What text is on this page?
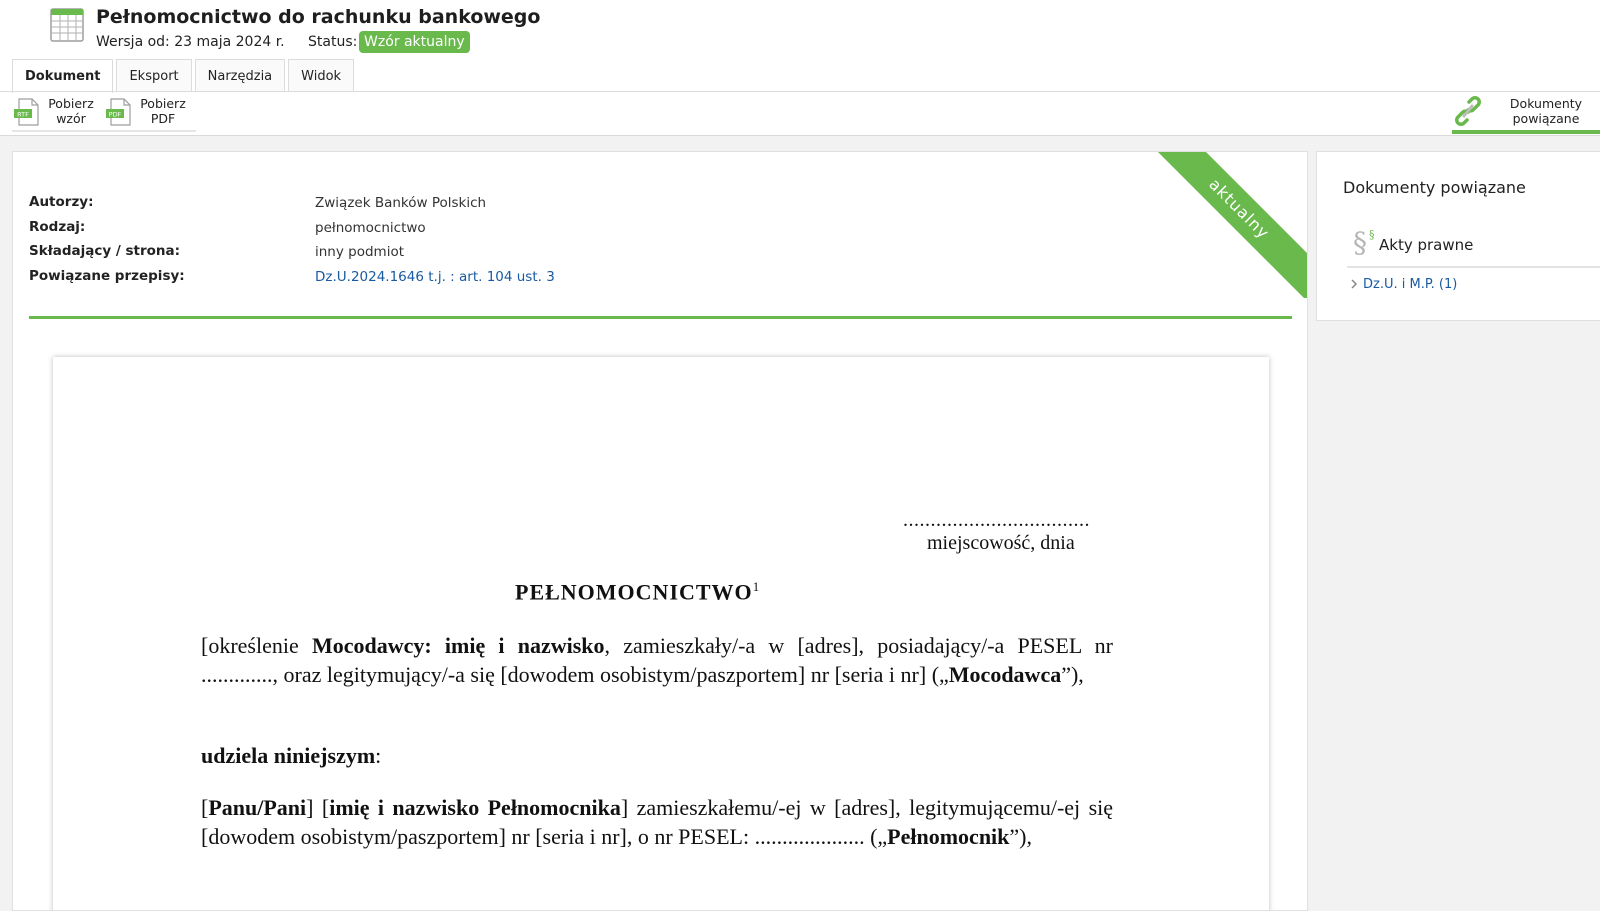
Pełnomocnictwo do rachunku bankowego
Wersja od: 23 maja 2024 r. Status: Wzór aktualny
Dokument	Eksport	Narzędzia	Widok
RTF
Pobierz
wzór	PDF
Pobierz
PDF
Dokumenty
powiązane
Autorzy:	Związek Banków Polskich
Rodzaj:	pełnomocnictwo
Składający / strona:	inny podmiot
Powiązane przepisy:	Dz.U.2024.1646 t.j. : art. 104 ust. 3
aktualny
..................................
miejscowość, dnia
PEŁNOMOCNICTWO$^1$
[określenie Mocodawcy: imię i nazwisko, zamieszkały/-a w [adres], posiadający/-a PESEL nr ............., oraz legitymujący/-a się [dowodem osobistym/paszportem] nr [seria i nr] („Mocodawca”),
udziela niniejszym:
[Panu/Pani] [imię i nazwisko Pełnomocnika] zamieszkałemu/-ej w [adres], legitymującemu/-ej się [dowodem osobistym/paszportem] nr [seria i nr], o nr PESEL: .................... („Pełnomocnik”),
Dokumenty powiązane
§ §
Akty prawne
Dz.U. i M.P. (1)
